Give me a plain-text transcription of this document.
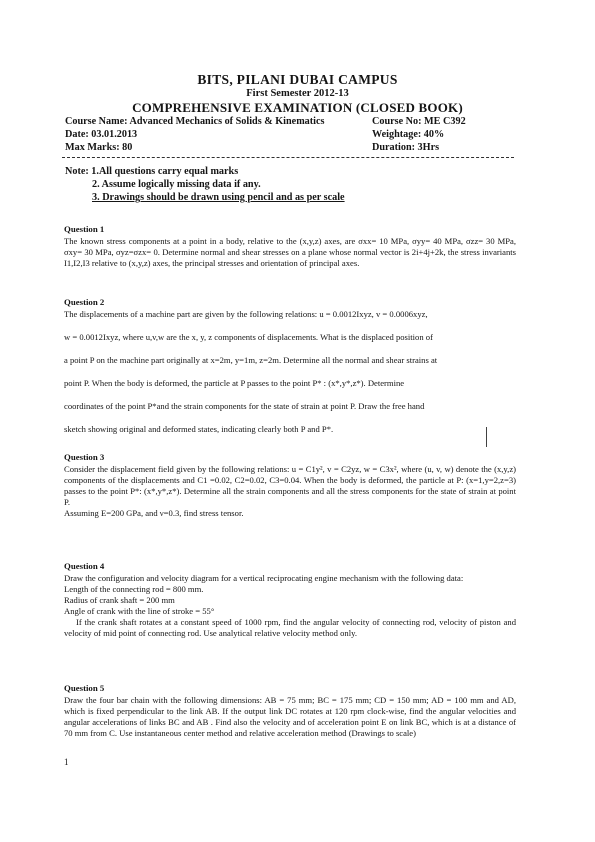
BITS, PILANI DUBAI CAMPUS
First Semester 2012-13
COMPREHENSIVE EXAMINATION (CLOSED BOOK)
Course Name: Advanced Mechanics of Solids & Kinematics	Course No: ME C392
Date: 03.01.2013	Weightage: 40%
Max Marks: 80	Duration: 3Hrs
Note: 1.All questions carry equal marks
2. Assume logically missing data if any.
3. Drawings should be drawn using pencil and as per scale
Question 1

The known stress components at a point in a body, relative to the (x,y,z) axes, are σxx= 10 MPa, σyy= 40 MPa, σzz= 30 MPa, σxy= 30 MPa, σyz=σzx= 0. Determine normal and shear stresses on a plane whose normal vector is 2i+4j+2k, the stress invariants I1,I2,I3 relative to (x,y,z) axes, the principal stresses and orientation of principal axes.

Question 2

The displacements of a machine part are given by the following relations: u = 0.0012Ixyz, v = 0.0006xyz,

w = 0.0012Ixyz, where u,v,w are the x, y, z components of displacements. What is the displaced position of

a point P on the machine part originally at x=2m, y=1m, z=2m. Determine all the normal and shear strains at

point P. When the body is deformed, the particle at P passes to the point P* : (x*,y*,z*). Determine

coordinates of the point P*and the strain components for the state of strain at point P. Draw the free hand

sketch showing original and deformed states, indicating clearly both P and P*.

Question 3

Consider the displacement field given by the following relations: u = C1y², v = C2yz, w = C3x², where (u, v, w) denote the (x,y,z) components of the displacements and C1 =0.02, C2=0.02, C3=0.04. When the body is deformed, the particle at P: (x=1,y=2,z=3) passes to the point P*: (x*,y*,z*). Determine all the strain components and all the stress components for the state of strain at point P.

Assuming E=200 GPa, and ν=0.3, find stress tensor.

Question 4

Draw the configuration and velocity diagram for a vertical reciprocating engine mechanism with the following data:

Length of the connecting rod = 800 mm.

Radius of crank shaft = 200 mm

Angle of crank with the line of stroke = 55°

If the crank shaft rotates at a constant speed of 1000 rpm, find the angular velocity of connecting rod, velocity of piston and velocity of mid point of connecting rod. Use analytical relative velocity method only.

Question 5

Draw the four bar chain with the following dimensions: AB = 75 mm; BC = 175 mm; CD = 150 mm; AD = 100 mm and AD, which is fixed perpendicular to the link AB. If the output link DC rotates at 120 rpm clock-wise, find the angular velocities and angular accelerations of links BC and AB . Find also the velocity and of acceleration point E on link BC, which is at a distance of 70 mm from C. Use instantaneous center method and relative acceleration method (Drawings to scale)

1
